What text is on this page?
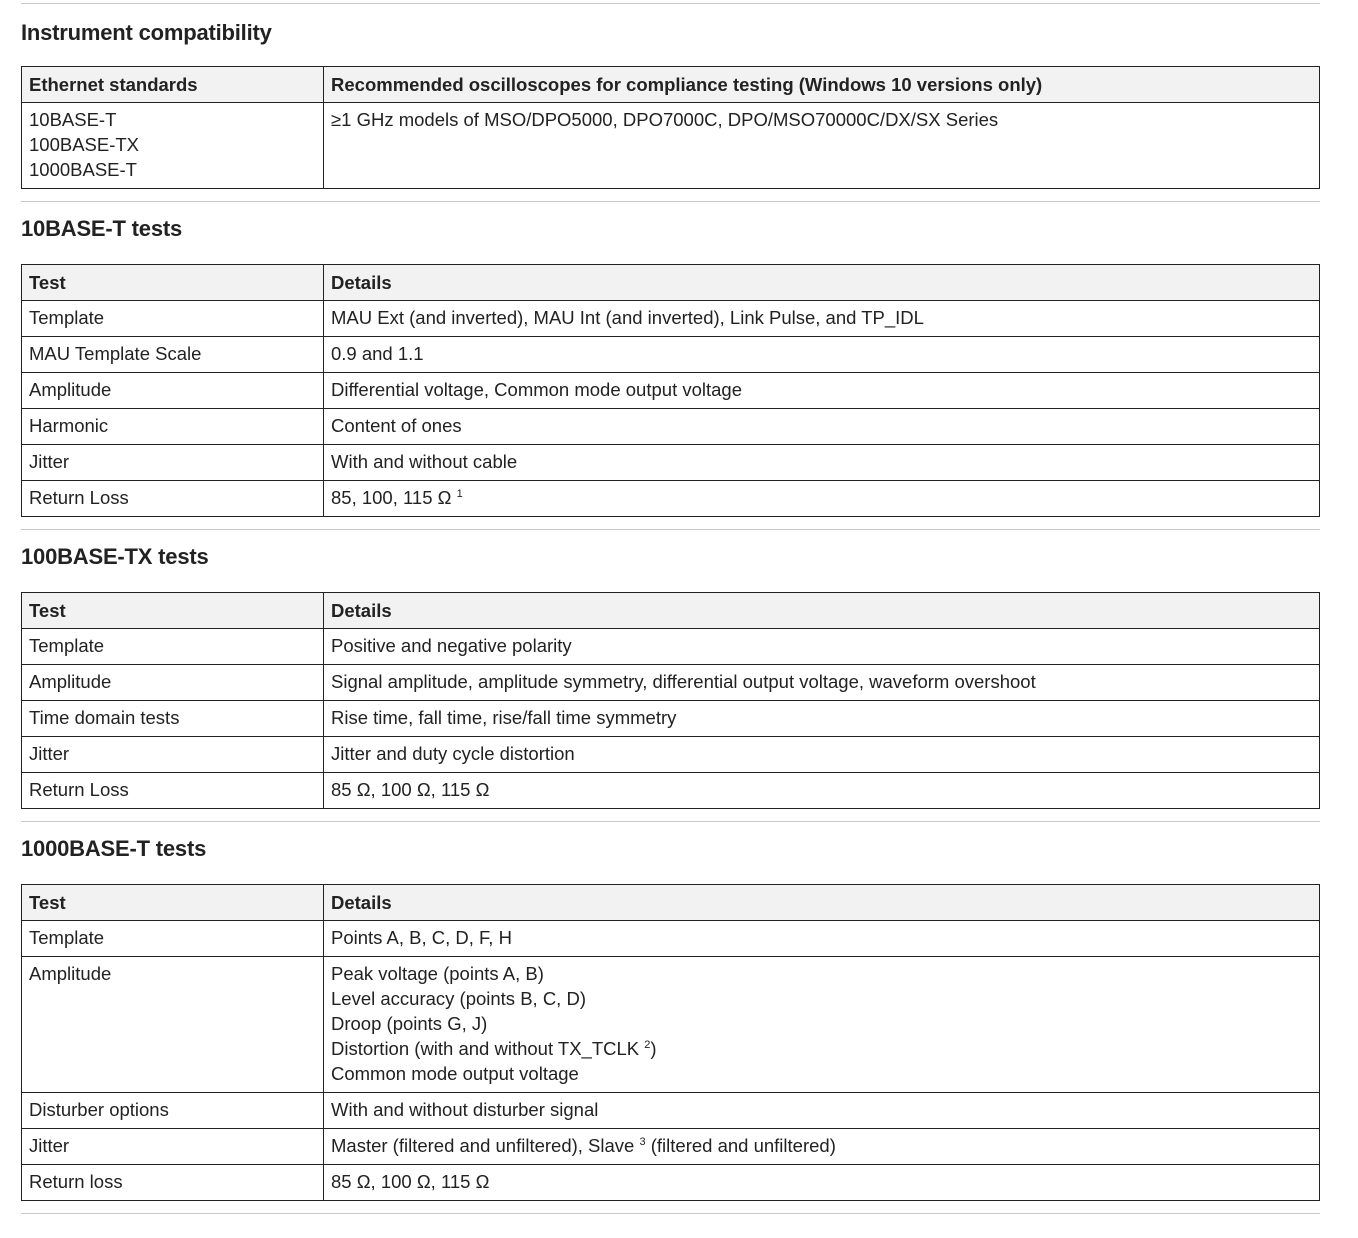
Instrument compatibility
Ethernet standards	Recommended oscilloscopes for compliance testing (Windows 10 versions only)

10BASE-T
100BASE-TX
1000BASE-T	≥1 GHz models of MSO/DPO5000, DPO7000C, DPO/MSO70000C/DX/SX Series
10BASE-T tests
Test	Details

Template	MAU Ext (and inverted), MAU Int (and inverted), Link Pulse, and TP_IDL

MAU Template Scale	0.9 and 1.1

Amplitude	Differential voltage, Common mode output voltage

Harmonic	Content of ones

Jitter	With and without cable

Return Loss	85, 100, 115 Ω $^1$
100BASE-TX tests
Test	Details

Template	Positive and negative polarity

Amplitude	Signal amplitude, amplitude symmetry, differential output voltage, waveform overshoot

Time domain tests	Rise time, fall time, rise/fall time symmetry

Jitter	Jitter and duty cycle distortion

Return Loss	85 Ω, 100 Ω, 115 Ω
1000BASE-T tests
Test	Details

Template	Points A, B, C, D, F, H

Amplitude	Peak voltage (points A, B)
Level accuracy (points B, C, D)
Droop (points G, J)
Distortion (with and without TX_TCLK $^2$)
Common mode output voltage

Disturber options	With and without disturber signal

Jitter	Master (filtered and unfiltered), Slave $^3$ (filtered and unfiltered)

Return loss	85 Ω, 100 Ω, 115 Ω
